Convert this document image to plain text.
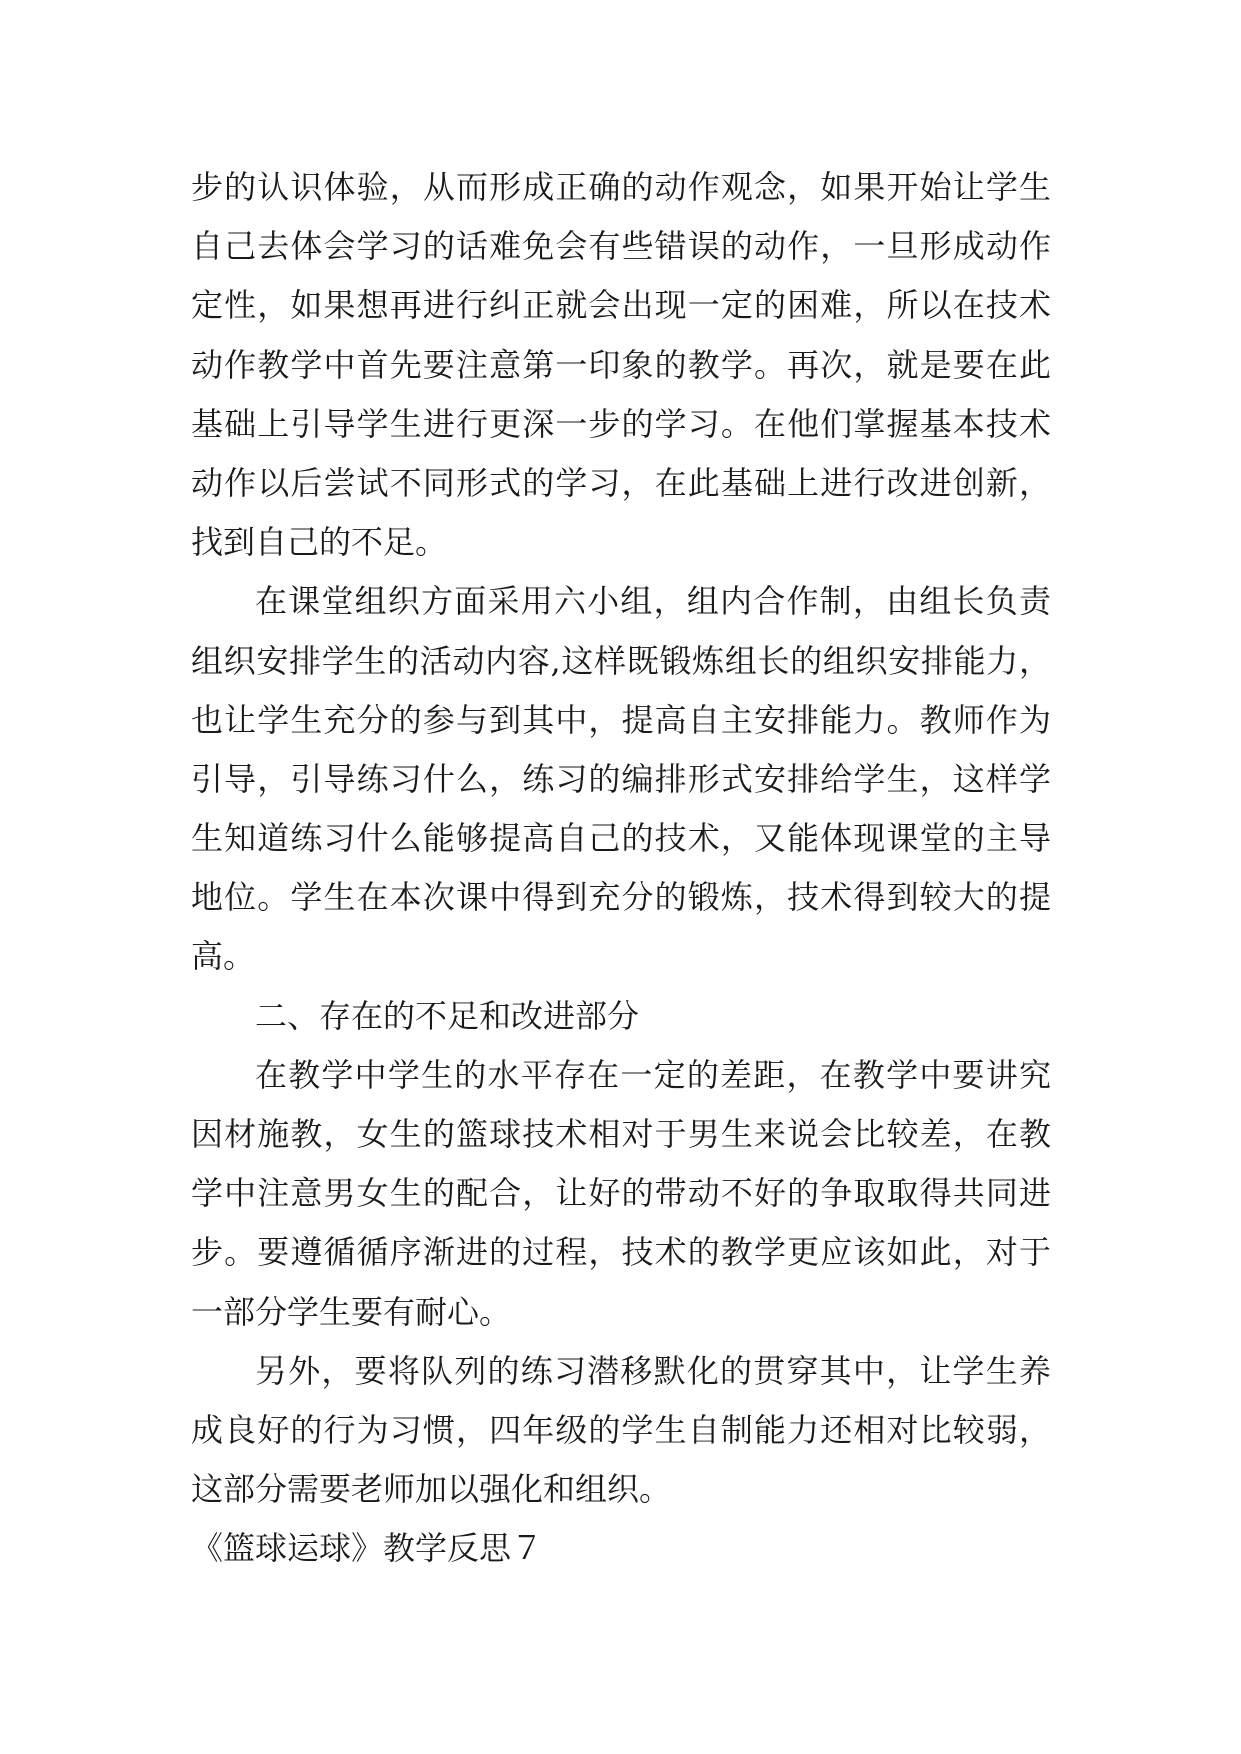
步的认识体验，从而形成正确的动作观念，如果开始让学生
自己去体会学习的话难免会有些错误的动作，一旦形成动作
定性，如果想再进行纠正就会出现一定的困难，所以在技术
动作教学中首先要注意第一印象的教学。再次，就是要在此
基础上引导学生进行更深一步的学习。在他们掌握基本技术
动作以后尝试不同形式的学习，在此基础上进行改进创新，
找到自己的不足。
在课堂组织方面采用六小组，组内合作制，由组长负责
组织安排学生的活动内容,这样既锻炼组长的组织安排能力，
也让学生充分的参与到其中，提高自主安排能力。教师作为
引导，引导练习什么，练习的编排形式安排给学生，这样学
生知道练习什么能够提高自己的技术，又能体现课堂的主导
地位。学生在本次课中得到充分的锻炼，技术得到较大的提
高。
二、存在的不足和改进部分
在教学中学生的水平存在一定的差距，在教学中要讲究
因材施教，女生的篮球技术相对于男生来说会比较差，在教
学中注意男女生的配合，让好的带动不好的争取取得共同进
步。要遵循循序渐进的过程，技术的教学更应该如此，对于
一部分学生要有耐心。
另外，要将队列的练习潜移默化的贯穿其中，让学生养
成良好的行为习惯，四年级的学生自制能力还相对比较弱，
这部分需要老师加以强化和组织。
《篮球运球》教学反思７
